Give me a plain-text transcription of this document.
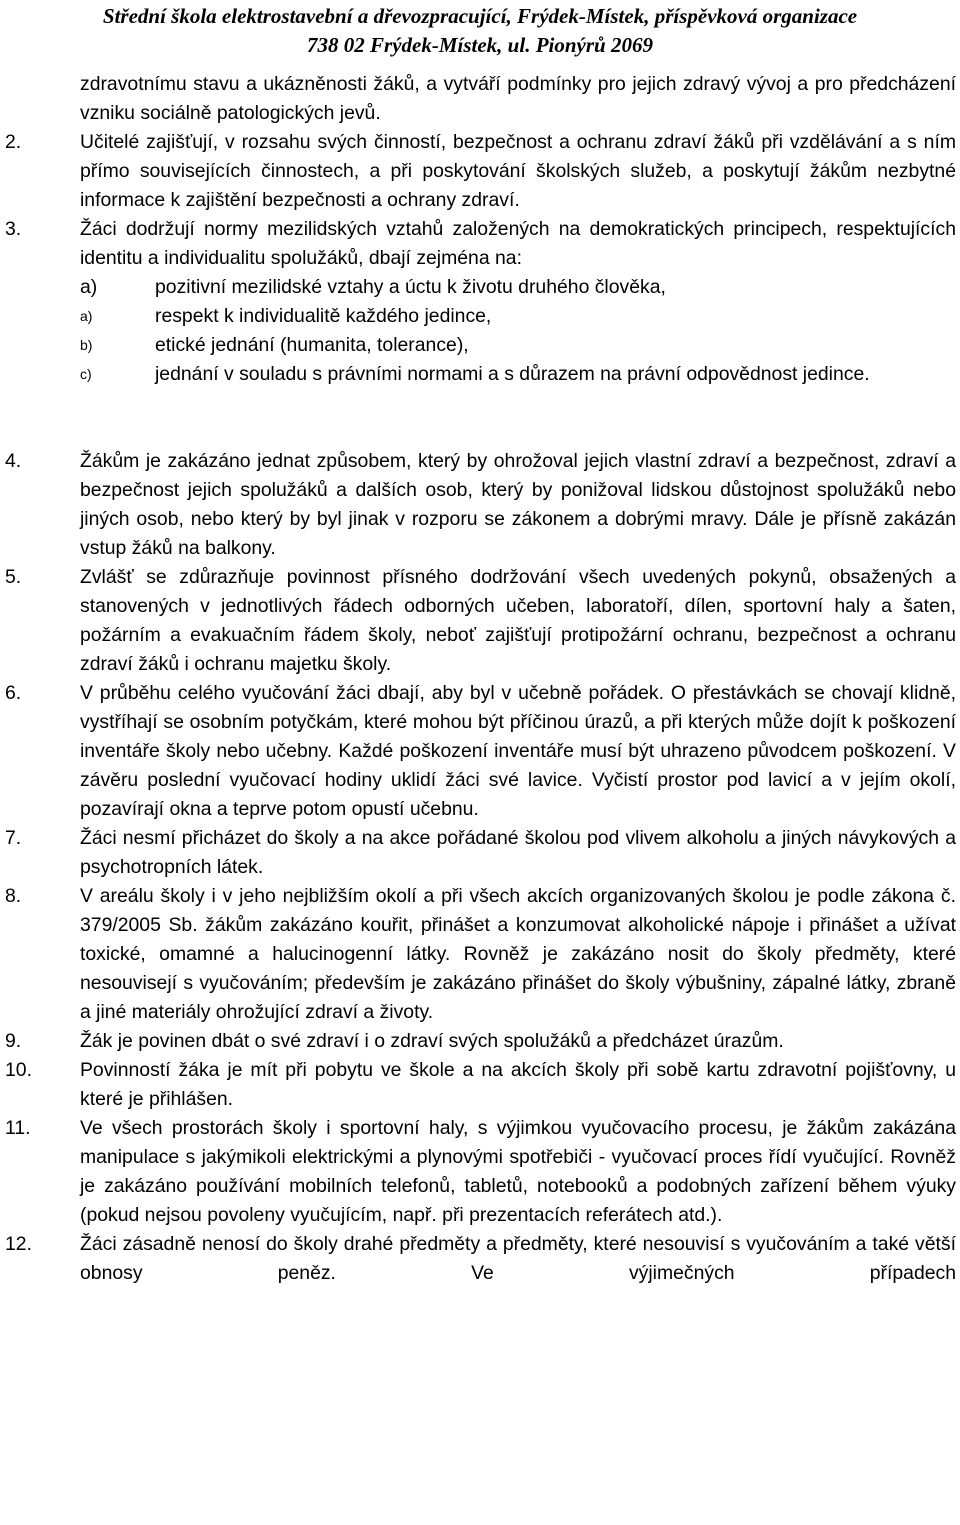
Střední škola elektrostavební a dřevozpracující, Frýdek-Místek, příspěvková organizace
738 02 Frýdek-Místek, ul. Pionýrů 2069

zdravotnímu stavu a ukázněnosti žáků, a vytváří podmínky pro jejich zdravý vývoj a pro předcházení vzniku sociálně patologických jevů.

2.	Učitelé zajišťují, v rozsahu svých činností, bezpečnost a ochranu zdraví žáků při vzdělávání a s ním přímo souvisejících činnostech, a při poskytování školských služeb, a poskytují žákům nezbytné informace k zajištění bezpečnosti a ochrany zdraví.

3.	Žáci dodržují normy mezilidských vztahů založených na demokratických principech, respektujících identitu a individualitu spolužáků, dbají zejména na:

a)	pozitivní mezilidské vztahy a úctu k životu druhého člověka,

a)	respekt k individualitě každého jedince,

b)	etické jednání (humanita, tolerance),

c)	jednání v souladu s právními normami a s důrazem na právní odpovědnost jedince.

4.	Žákům je zakázáno jednat způsobem, který by ohrožoval jejich vlastní zdraví a bezpečnost, zdraví a bezpečnost jejich spolužáků a dalších osob, který by ponižoval lidskou důstojnost spolužáků nebo jiných osob, nebo který by byl jinak v rozporu se zákonem a dobrými mravy. Dále je přísně zakázán vstup žáků na balkony.

5.	Zvlášť se zdůrazňuje povinnost přísného dodržování všech uvedených pokynů, obsažených a stanovených v jednotlivých řádech odborných učeben, laboratoří, dílen, sportovní haly a šaten, požárním a evakuačním řádem školy, neboť zajišťují protipožární ochranu, bezpečnost a ochranu zdraví žáků i ochranu majetku školy.

6.	V průběhu celého vyučování žáci dbají, aby byl v učebně pořádek. O přestávkách se chovají klidně, vystříhají se osobním potyčkám, které mohou být příčinou úrazů, a při kterých může dojít k poškození inventáře školy nebo učebny. Každé poškození inventáře musí být uhrazeno původcem poškození. V závěru poslední vyučovací hodiny uklidí žáci své lavice. Vyčistí prostor pod lavicí a v jejím okolí, pozavírají okna a teprve potom opustí učebnu.

7.	Žáci nesmí přicházet do školy a na akce pořádané školou pod vlivem alkoholu a jiných návykových a psychotropních látek.

8.	V areálu školy i v jeho nejbližším okolí a při všech akcích organizovaných školou je podle zákona č. 379/2005 Sb. žákům zakázáno kouřit, přinášet a konzumovat alkoholické nápoje i přinášet a užívat toxické, omamné a halucinogenní látky. Rovněž je zakázáno nosit do školy předměty, které nesouvisejí s vyučováním; především je zakázáno přinášet do školy výbušniny, zápalné látky, zbraně a jiné materiály ohrožující zdraví a životy.

9.	Žák je povinen dbát o své zdraví i o zdraví svých spolužáků a předcházet úrazům.

10. Povinností žáka je mít při pobytu ve škole a na akcích školy při sobě kartu zdravotní pojišťovny, u které je přihlášen.

11.	Ve všech prostorách školy i sportovní haly, s výjimkou vyučovacího procesu, je žákům zakázána manipulace s jakýmikoli elektrickými a plynovými spotřebiči - vyučovací proces řídí vyučující. Rovněž je zakázáno používání mobilních telefonů, tabletů, notebooků a podobných zařízení během výuky (pokud nejsou povoleny vyučujícím, např. při prezentacích referátech atd.).

12. Žáci zásadně nenosí do školy drahé předměty a předměty, které nesouvisí s vyučováním a také větší obnosy peněz. Ve výjimečných případech
